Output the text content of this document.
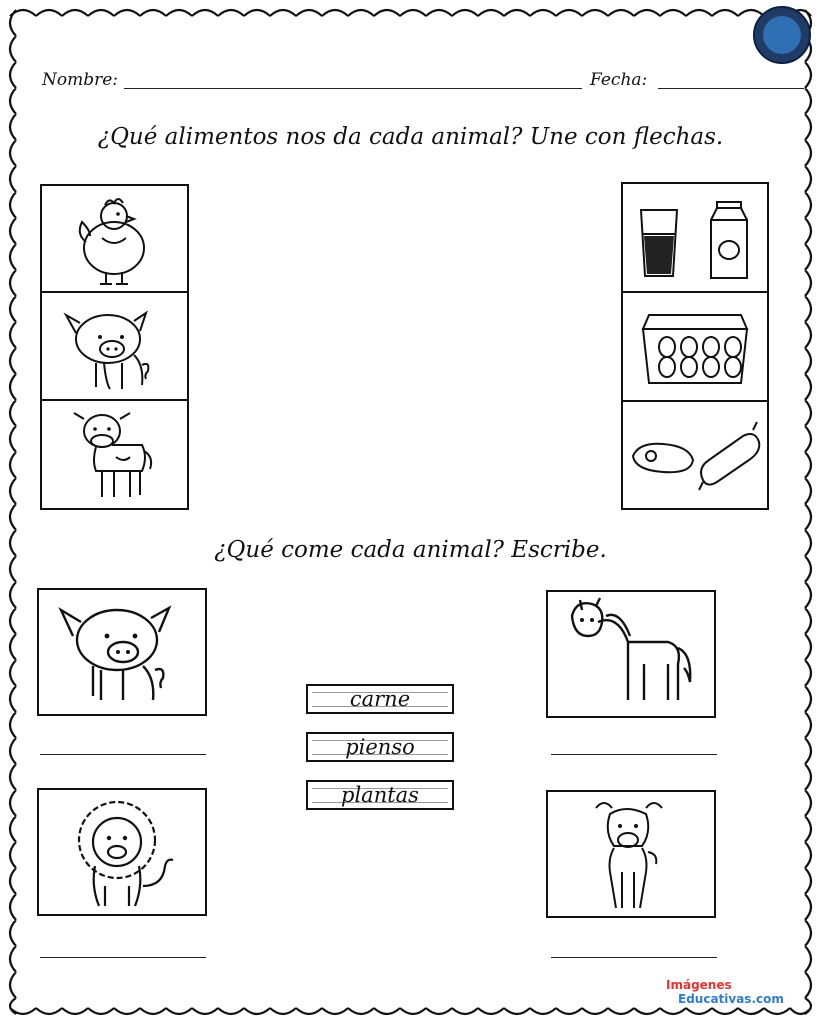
Nombre:	Fecha:
¿Qué alimentos nos da cada animal? Une con flechas.
¿Qué come cada animal? Escribe.
carne
pienso
plantas
Imágenes
Educativas.com
